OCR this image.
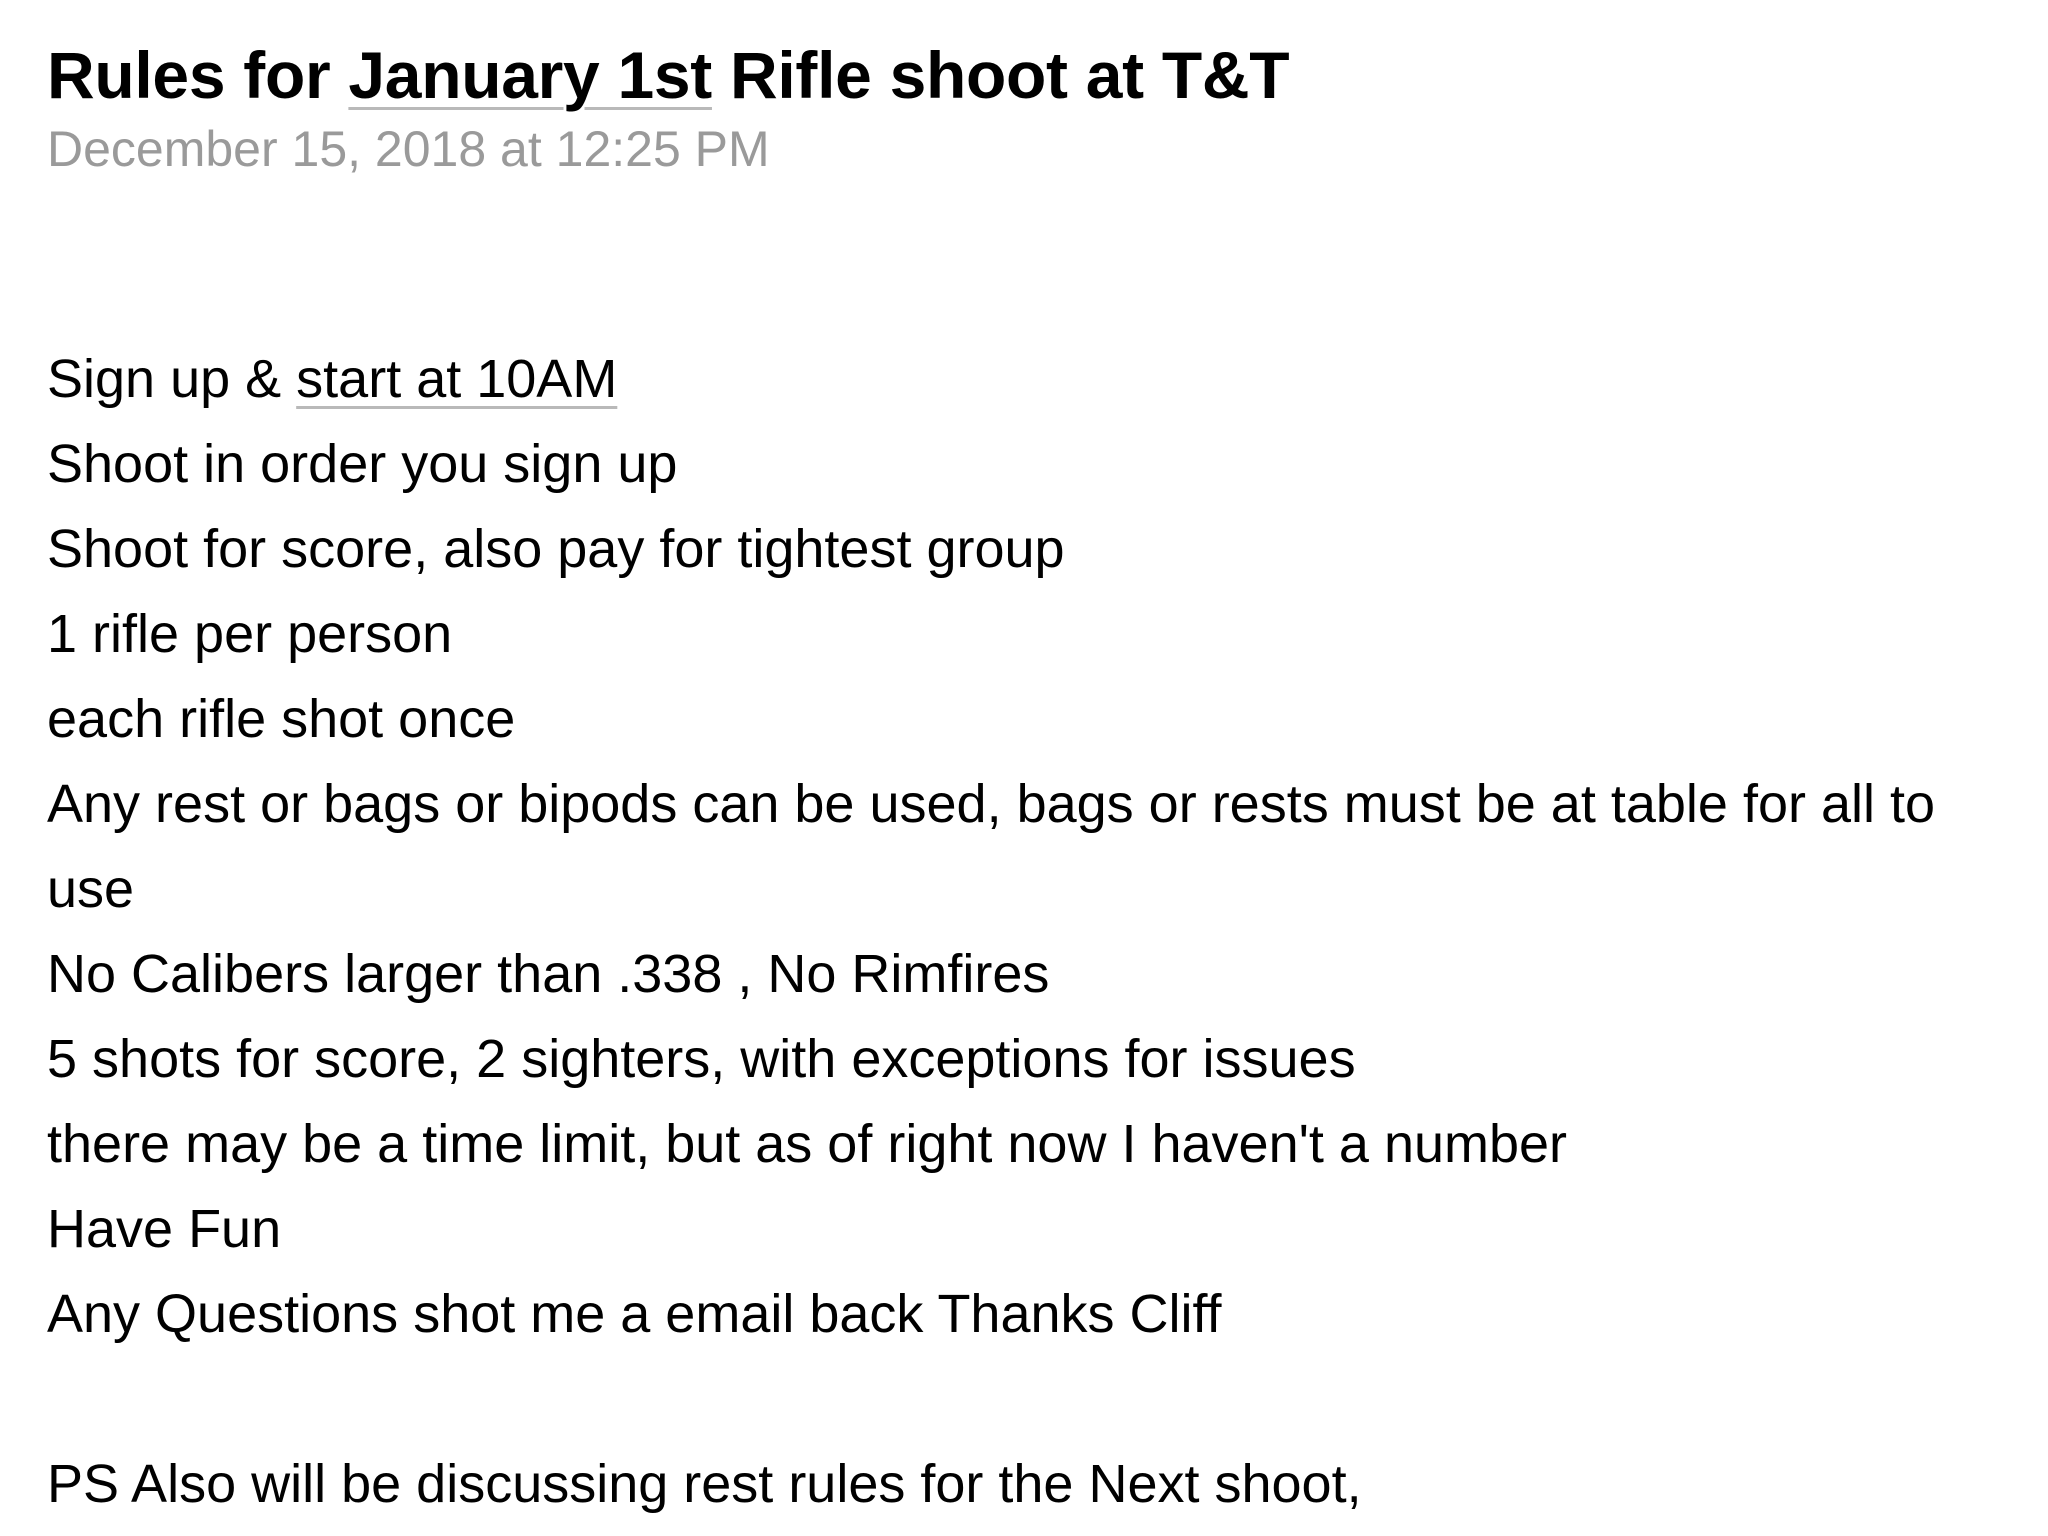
Rules for January 1st Rifle shoot at T&T
December 15, 2018 at 12:25 PM
Sign up & start at 10AM
Shoot in order you sign up
Shoot for score, also pay for tightest group
1 rifle per person
each rifle shot once
Any rest or bags or bipods can be used, bags or rests must be at table for all to use
No Calibers larger than .338 , No Rimfires
5 shots for score, 2 sighters, with exceptions for issues
there may be a time limit, but as of right now I haven't a number
Have Fun
Any Questions shot me a email back Thanks Cliff
PS Also will be discussing rest rules for the Next shoot,
